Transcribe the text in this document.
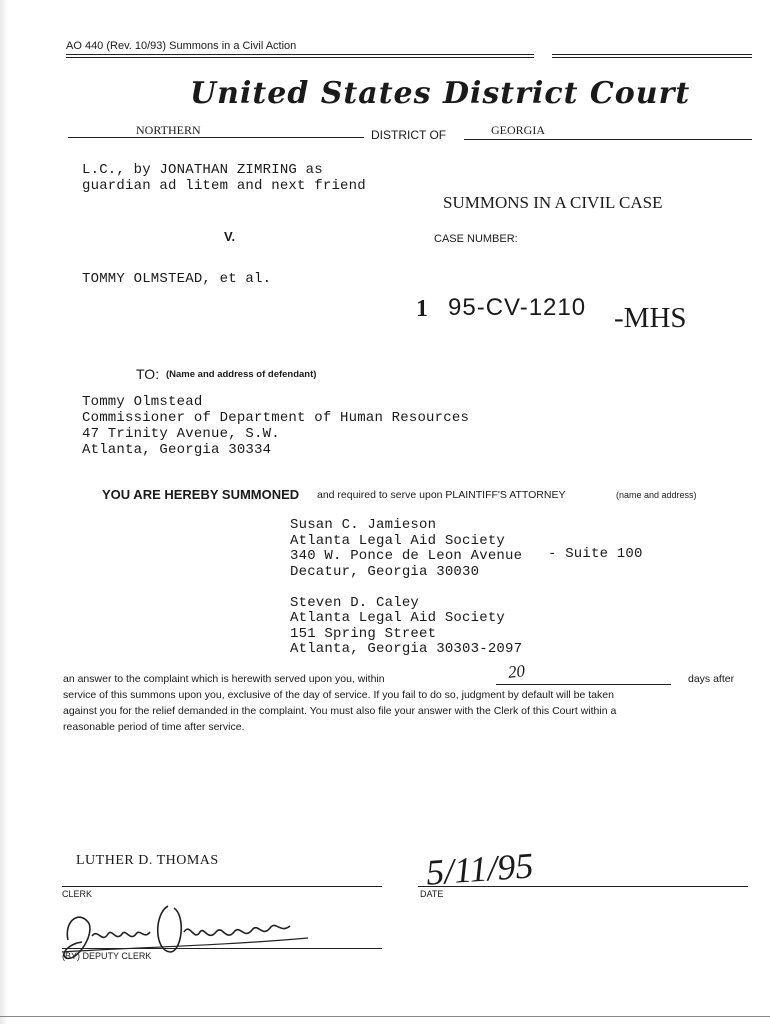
AO 440 (Rev. 10/93) Summons in a Civil Action
United States District Court
NORTHERN	DISTRICT OF	GEORGIA
L.C., by JONATHAN ZIMRING as
guardian ad litem and next friend
SUMMONS IN A CIVIL CASE
V.	CASE NUMBER:
TOMMY OLMSTEAD, et al.
1 95-CV-1210 -MHS
TO: (Name and address of defendant)
Tommy Olmstead
Commissioner of Department of Human Resources
47 Trinity Avenue, S.W.
Atlanta, Georgia 30334
YOU ARE HEREBY SUMMONED and required to serve upon PLAINTIFF'S ATTORNEY	(name and address)
Susan C. Jamieson
Atlanta Legal Aid Society
340 W. Ponce de Leon Avenue - Suite 100
Decatur, Georgia 30030
Steven D. Caley
Atlanta Legal Aid Society
151 Spring Street
Atlanta, Georgia 30303-2097
an answer to the complaint which is herewith served upon you, within	20	days after
service of this summons upon you, exclusive of the day of service. If you fail to do so, judgment by default will be taken
against you for the relief demanded in the complaint. You must also file your answer with the Clerk of this Court within a
reasonable period of time after service.
LUTHER D. THOMAS
CLERK
5/11/95
DATE
(BY) DEPUTY CLERK
